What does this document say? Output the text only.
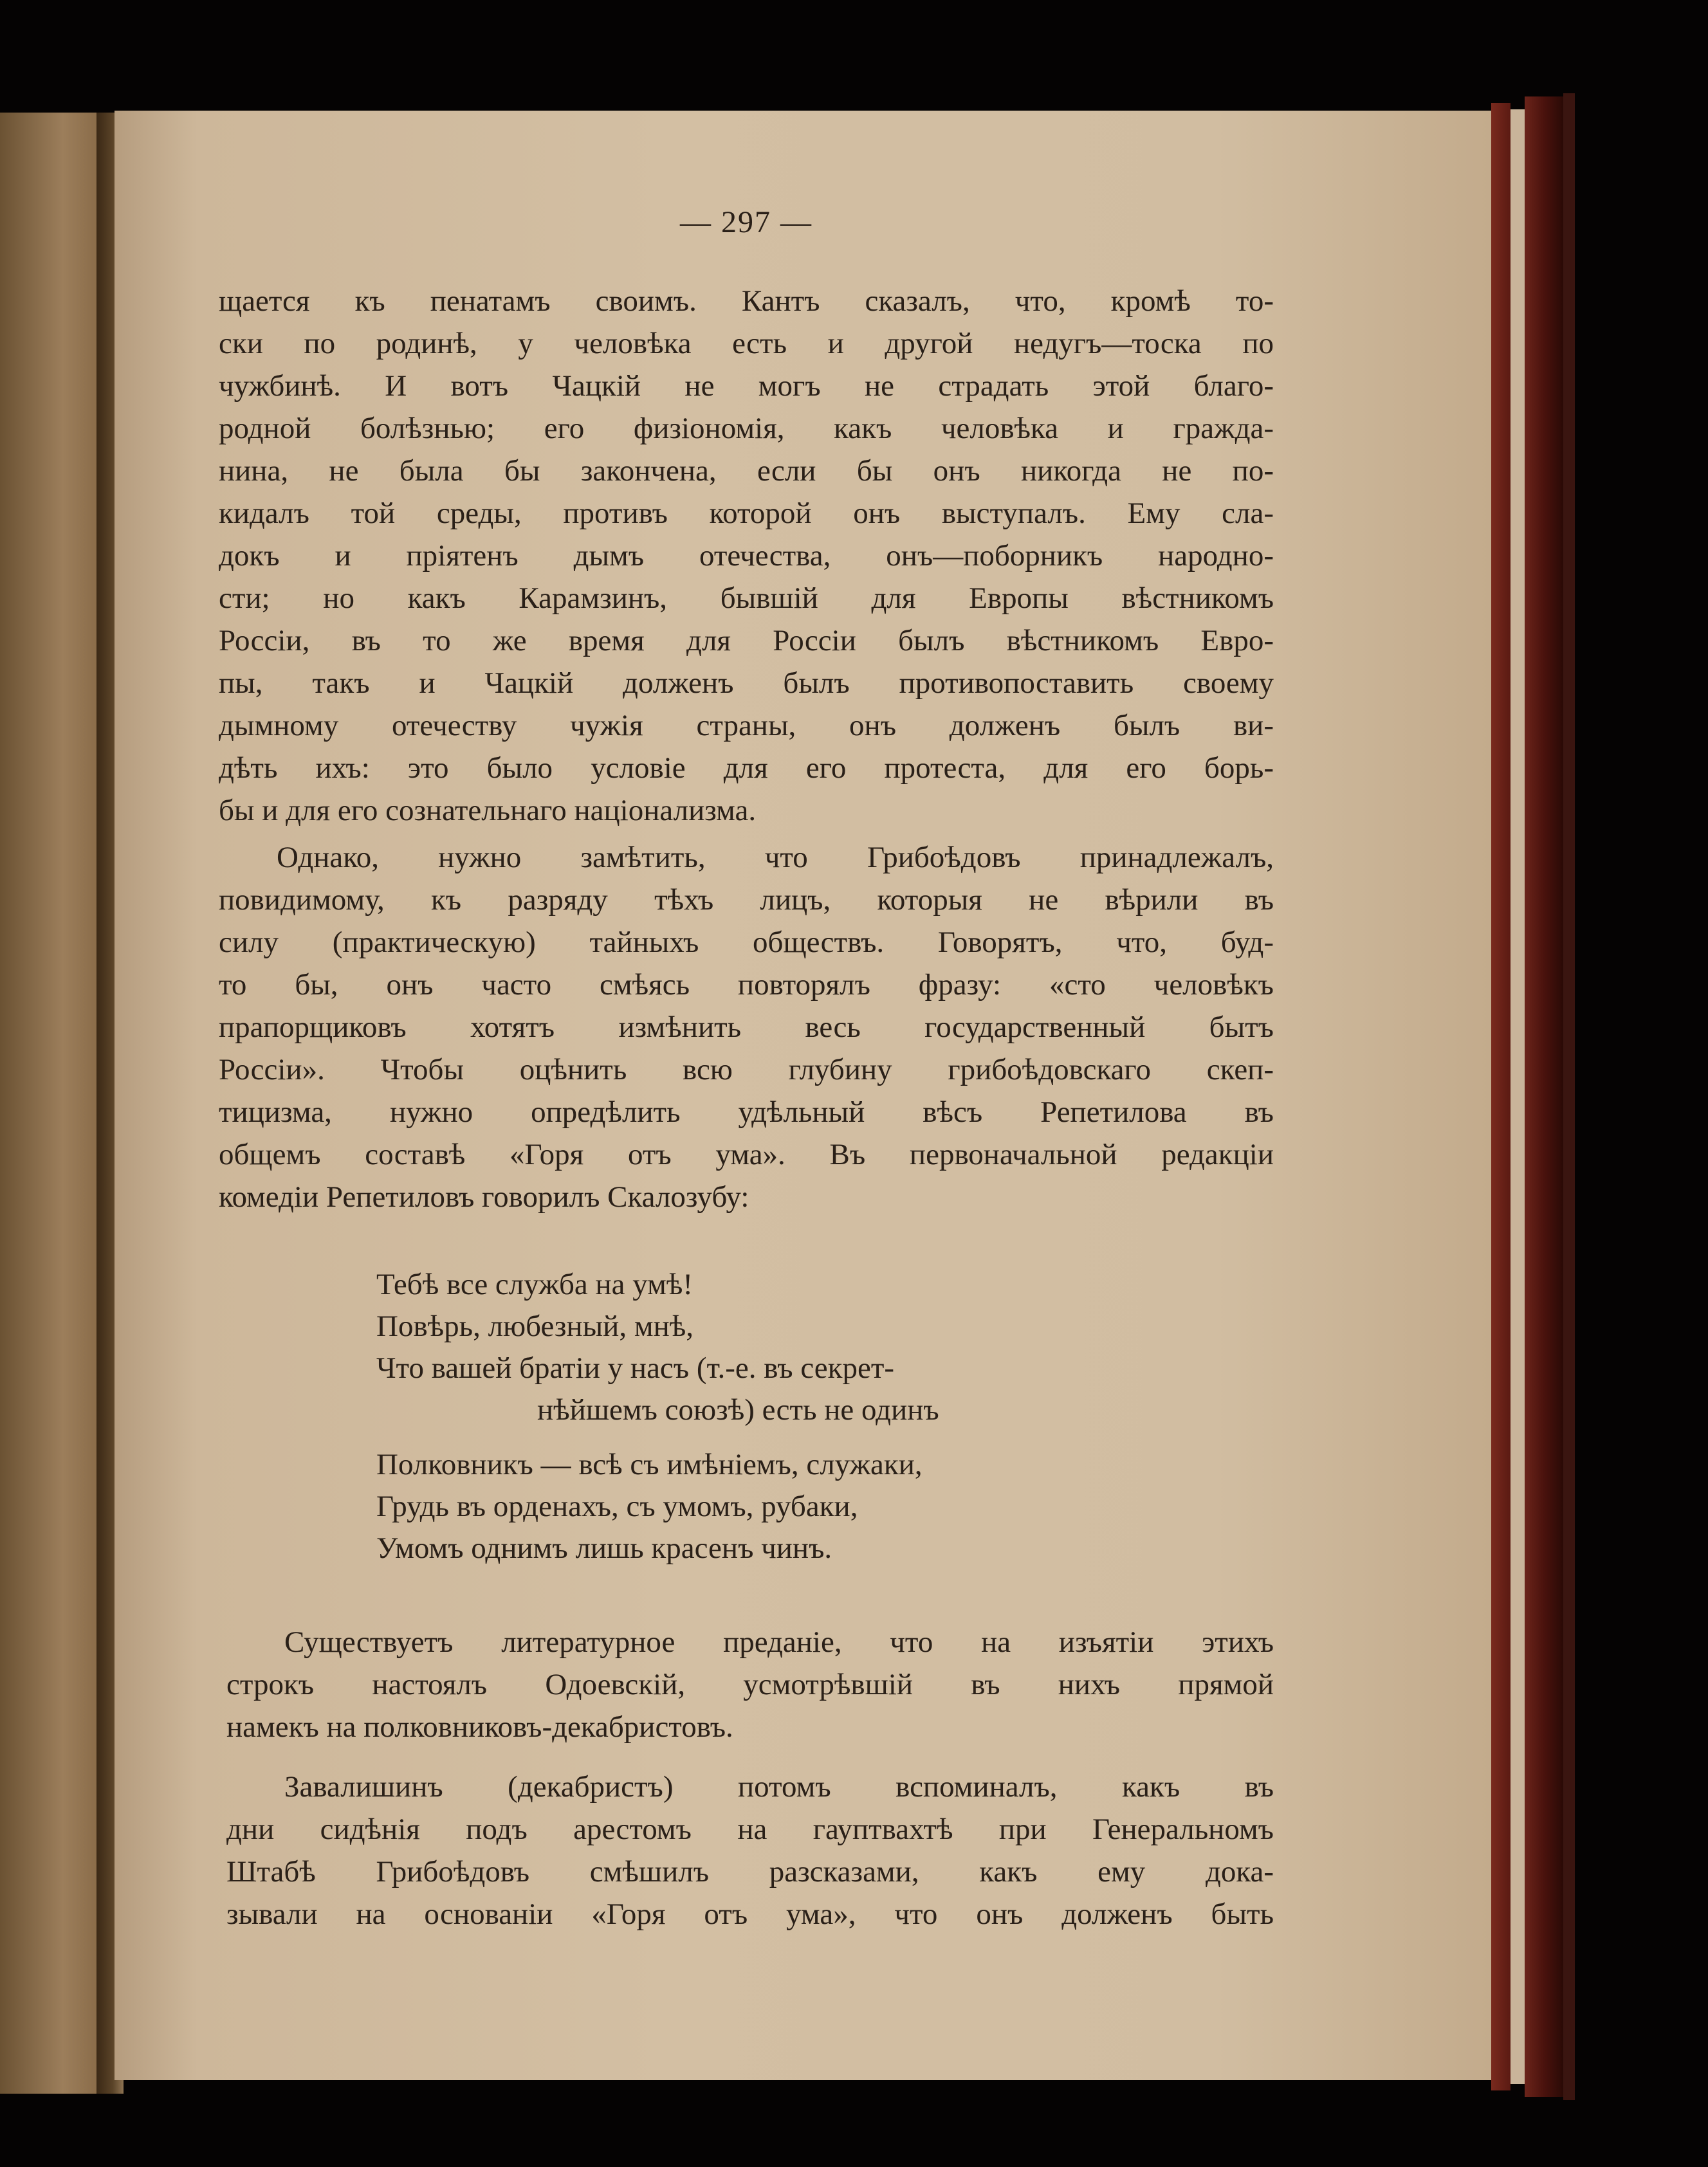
— 297 —
щается къ пенатамъ своимъ. Кантъ сказалъ, что, кромѣ то-
ски по родинѣ, у человѣка есть и другой недугъ—тоска по
чужбинѣ. И вотъ Чацкій не могъ не страдать этой благо-
родной болѣзнью; его физіономія, какъ человѣка и гражда-
нина, не была бы закончена, если бы онъ никогда не по-
кидалъ той среды, противъ которой онъ выступалъ. Ему сла-
докъ и пріятенъ дымъ отечества, онъ—поборникъ народно-
сти; но какъ Карамзинъ, бывшій для Европы вѣстникомъ
Россіи, въ то же время для Россіи былъ вѣстникомъ Евро-
пы, такъ и Чацкій долженъ былъ противопоставить своему
дымному отечеству чужія страны, онъ долженъ былъ ви-
дѣть ихъ: это было условіе для его протеста, для его борь-
бы и для его сознательнаго націонализма.
Однако, нужно замѣтить, что Грибоѣдовъ принадлежалъ,
повидимому, къ разряду тѣхъ лицъ, которыя не вѣрили въ
силу (практическую) тайныхъ обществъ. Говорятъ, что, буд-
то бы, онъ часто смѣясь повторялъ фразу: «сто человѣкъ
прапорщиковъ хотятъ измѣнить весь государственный бытъ
Россіи». Чтобы оцѣнить всю глубину грибоѣдовскаго скеп-
тицизма, нужно опредѣлить удѣльный вѣсъ Репетилова въ
общемъ составѣ «Горя отъ ума». Въ первоначальной редакціи
комедіи Репетиловъ говорилъ Скалозубу:
Тебѣ все служба на умѣ!
Повѣрь, любезный, мнѣ,
Что вашей братіи у насъ (т.-е. въ секрет-
нѣйшемъ союзѣ) есть не одинъ
Полковникъ — всѣ съ имѣніемъ, служаки,
Грудь въ орденахъ, съ умомъ, рубаки,
Умомъ однимъ лишь красенъ чинъ.
Существуетъ литературное преданіе, что на изъятіи этихъ
строкъ настоялъ Одоевскій, усмотрѣвшій въ нихъ прямой
намекъ на полковниковъ-декабристовъ.
Завалишинъ (декабристъ) потомъ вспоминалъ, какъ въ
дни сидѣнія подъ арестомъ на гауптвахтѣ при Генеральномъ
Штабѣ Грибоѣдовъ смѣшилъ разсказами, какъ ему дока-
зывали на основаніи «Горя отъ ума», что онъ долженъ быть
